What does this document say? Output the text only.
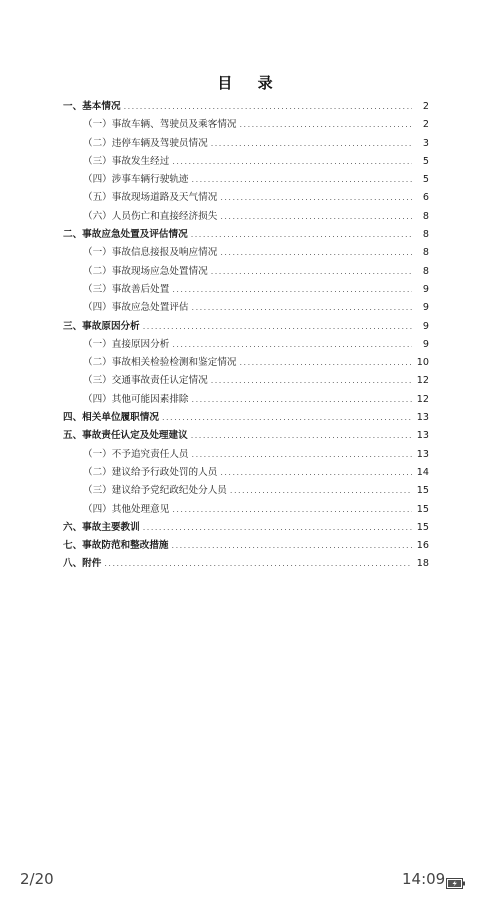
目 录
一、基本情况 .....	2
（一）事故车辆、驾驶员及乘客情况 .....	2
（二）违停车辆及驾驶员情况 .....	3
（三）事故发生经过 .....	5
（四）涉事车辆行驶轨迹 .....	5
（五）事故现场道路及天气情况 .....	6
（六）人员伤亡和直接经济损失 .....	8
二、事故应急处置及评估情况 .....	8
（一）事故信息接报及响应情况 .....	8
（二）事故现场应急处置情况 .....	8
（三）事故善后处置 .....	9
（四）事故应急处置评估 .....	9
三、事故原因分析 .....	9
（一）直接原因分析 .....	9
（二）事故相关检验检测和鉴定情况 .....	10
（三）交通事故责任认定情况 .....	12
（四）其他可能因素排除 .....	12
四、相关单位履职情况 .....	13
五、事故责任认定及处理建议 .....	13
（一）不予追究责任人员 .....	13
（二）建议给予行政处罚的人员 .....	14
（三）建议给予党纪政纪处分人员 .....	15
（四）其他处理意见 .....	15
六、事故主要教训 .....	15
七、事故防范和整改措施 .....	16
八、附件 .....	18
2/20	14:09
